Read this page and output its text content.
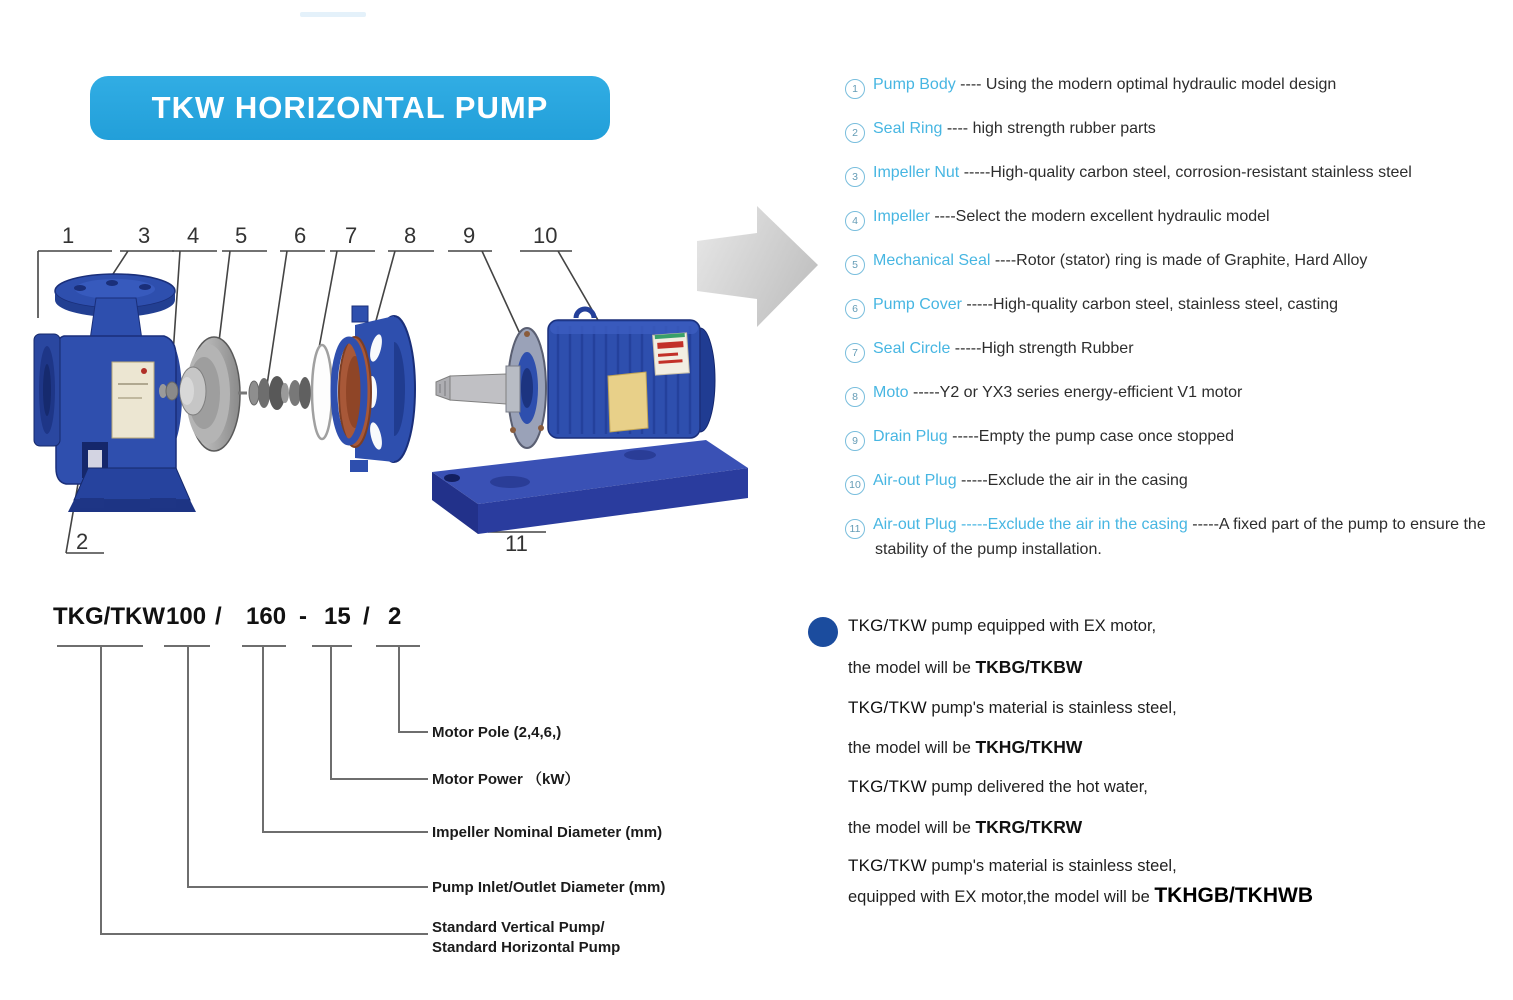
TKW HORIZONTAL PUMP
1	3 4 5 6 7 8 9	10
2	11
1 Pump Body ---- Using the modern optimal hydraulic model design
2 Seal Ring ---- high strength rubber parts
3 Impeller Nut -----High-quality carbon steel, corrosion-resistant stainless steel
4 Impeller ----Select the modern excellent hydraulic model
5 Mechanical Seal ----Rotor (stator) ring is made of Graphite, Hard Alloy
6 Pump Cover -----High-quality carbon steel, stainless steel, casting
7 Seal Circle -----High strength Rubber
8 Moto -----Y2 or YX3 series energy-efficient V1 motor
9 Drain Plug -----Empty the pump case once stopped
10 Air-out Plug -----Exclude the air in the casing
11 Air-out Plug -----Exclude the air in the casing -----A fixed part of the pump to ensure the stability of the pump installation.
TKG/TKW 100 / 160 - 15 / 2
Motor Pole (2,4,6,)
Motor Power （kW）
Impeller Nominal Diameter (mm)
Pump Inlet/Outlet Diameter (mm)
Standard Vertical Pump/
Standard Horizontal Pump
TKG/TKW pump equipped with EX motor,
the model will be TKBG/TKBW
TKG/TKW pump's material is stainless steel,
the model will be TKHG/TKHW
TKG/TKW pump delivered the hot water,
the model will be TKRG/TKRW
TKG/TKW pump's material is stainless steel,
equipped with EX motor,the model will be TKHGB/TKHWB
